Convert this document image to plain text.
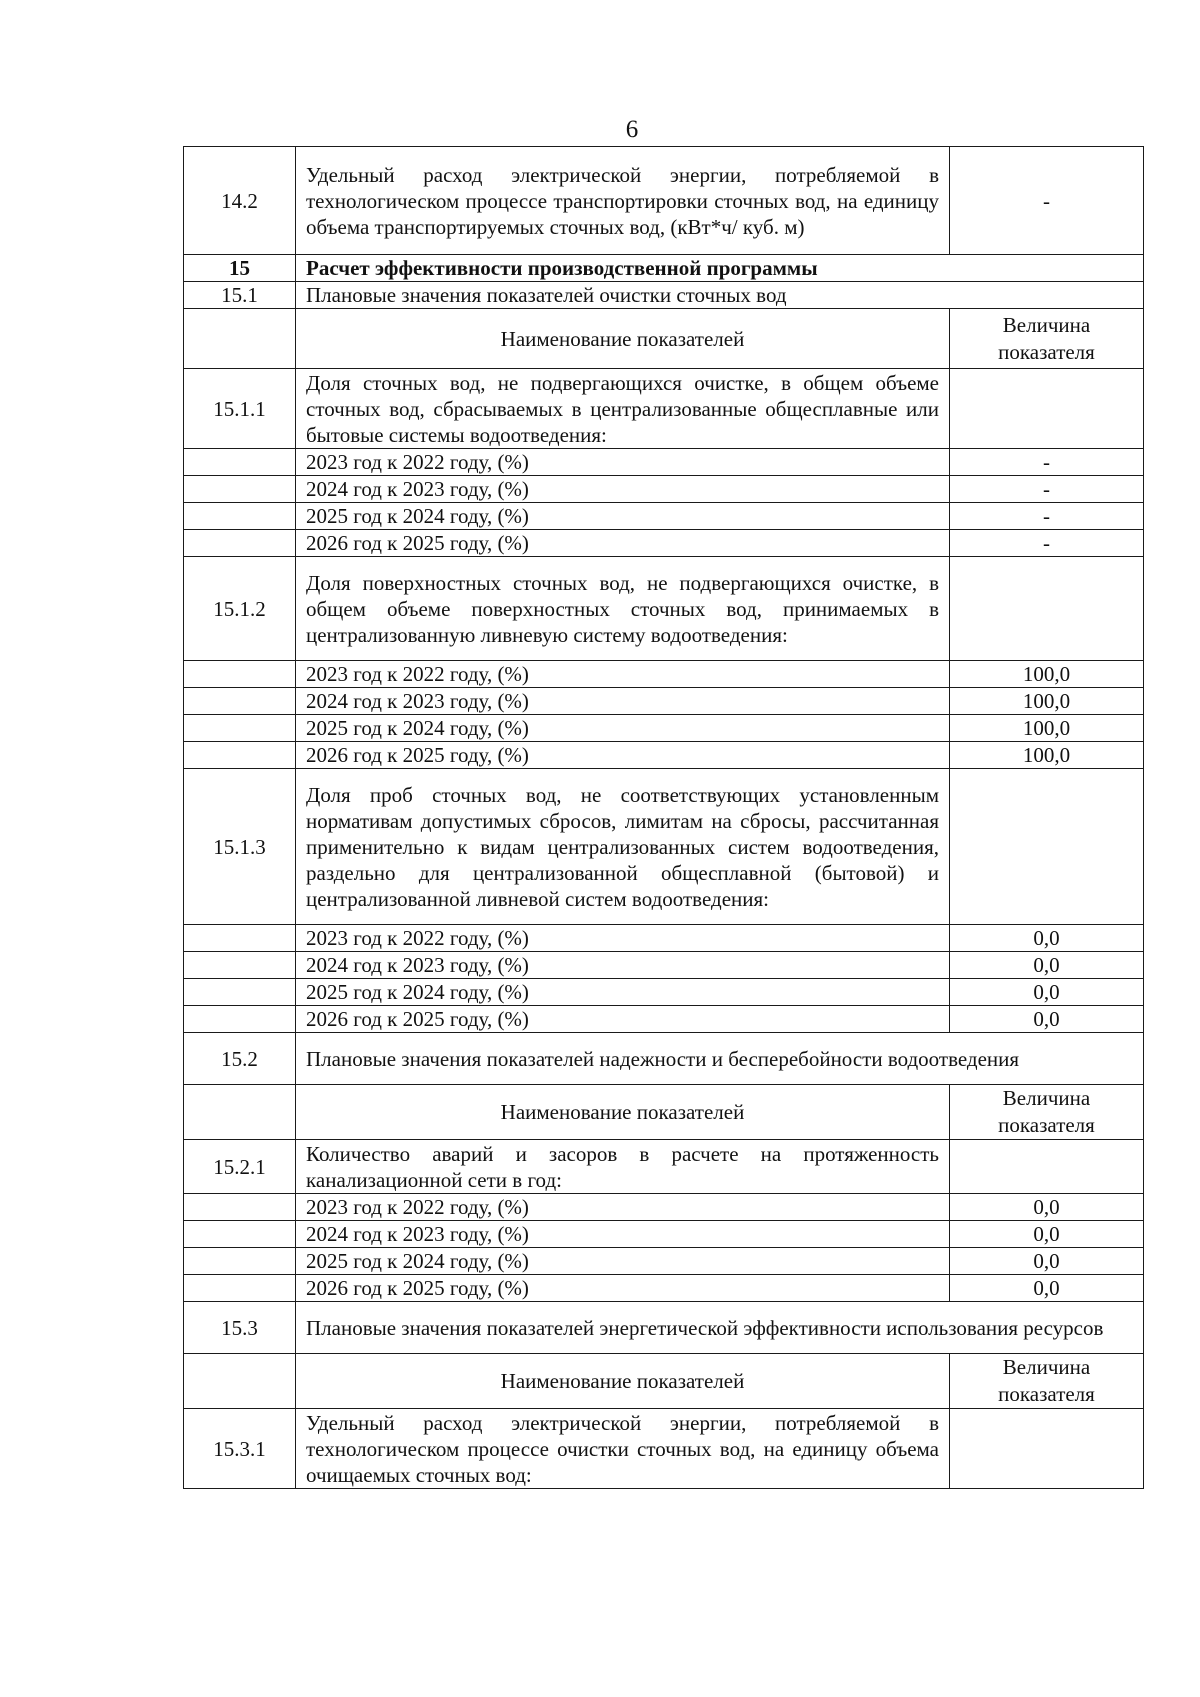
6
14.2	Удельный расход электрической энергии, потребляемой в технологическом процессе транспортировки сточных вод, на единицу объема транспортируемых сточных вод, (кВт*ч/ куб. м)	-
15	Расчет эффективности производственной программы	
15.1	Плановые значения показателей очистки сточных вод	
	Наименование показателей	Величина показателя
15.1.1	Доля сточных вод, не подвергающихся очистке, в общем объеме сточных вод, сбрасываемых в централизованные общесплавные или бытовые системы водоотведения:	
	2023 год к 2022 году, (%)	-
	2024 год к 2023 году, (%)	-
	2025 год к 2024 году, (%)	-
	2026 год к 2025 году, (%)	-
15.1.2	Доля поверхностных сточных вод, не подвергающихся очистке, в общем объеме поверхностных сточных вод, принимаемых в централизованную ливневую систему водоотведения:	
	2023 год к 2022 году, (%)	100,0
	2024 год к 2023 году, (%)	100,0
	2025 год к 2024 году, (%)	100,0
	2026 год к 2025 году, (%)	100,0
15.1.3	Доля проб сточных вод, не соответствующих установленным нормативам допустимых сбросов, лимитам на сбросы, рассчитанная применительно к видам централизованных систем водоотведения, раздельно для централизованной общесплавной (бытовой) и централизованной ливневой систем водоотведения:	
	2023 год к 2022 году, (%)	0,0
	2024 год к 2023 году, (%)	0,0
	2025 год к 2024 году, (%)	0,0
	2026 год к 2025 году, (%)	0,0
15.2	Плановые значения показателей надежности и бесперебойности водоотведения	
	Наименование показателей	Величина показателя
15.2.1	Количество аварий и засоров в расчете на протяженность канализационной сети в год:	
	2023 год к 2022 году, (%)	0,0
	2024 год к 2023 году, (%)	0,0
	2025 год к 2024 году, (%)	0,0
	2026 год к 2025 году, (%)	0,0
15.3	Плановые значения показателей энергетической эффективности использования ресурсов	
	Наименование показателей	Величина показателя
15.3.1	Удельный расход электрической энергии, потребляемой в технологическом процессе очистки сточных вод, на единицу объема очищаемых сточных вод:	
